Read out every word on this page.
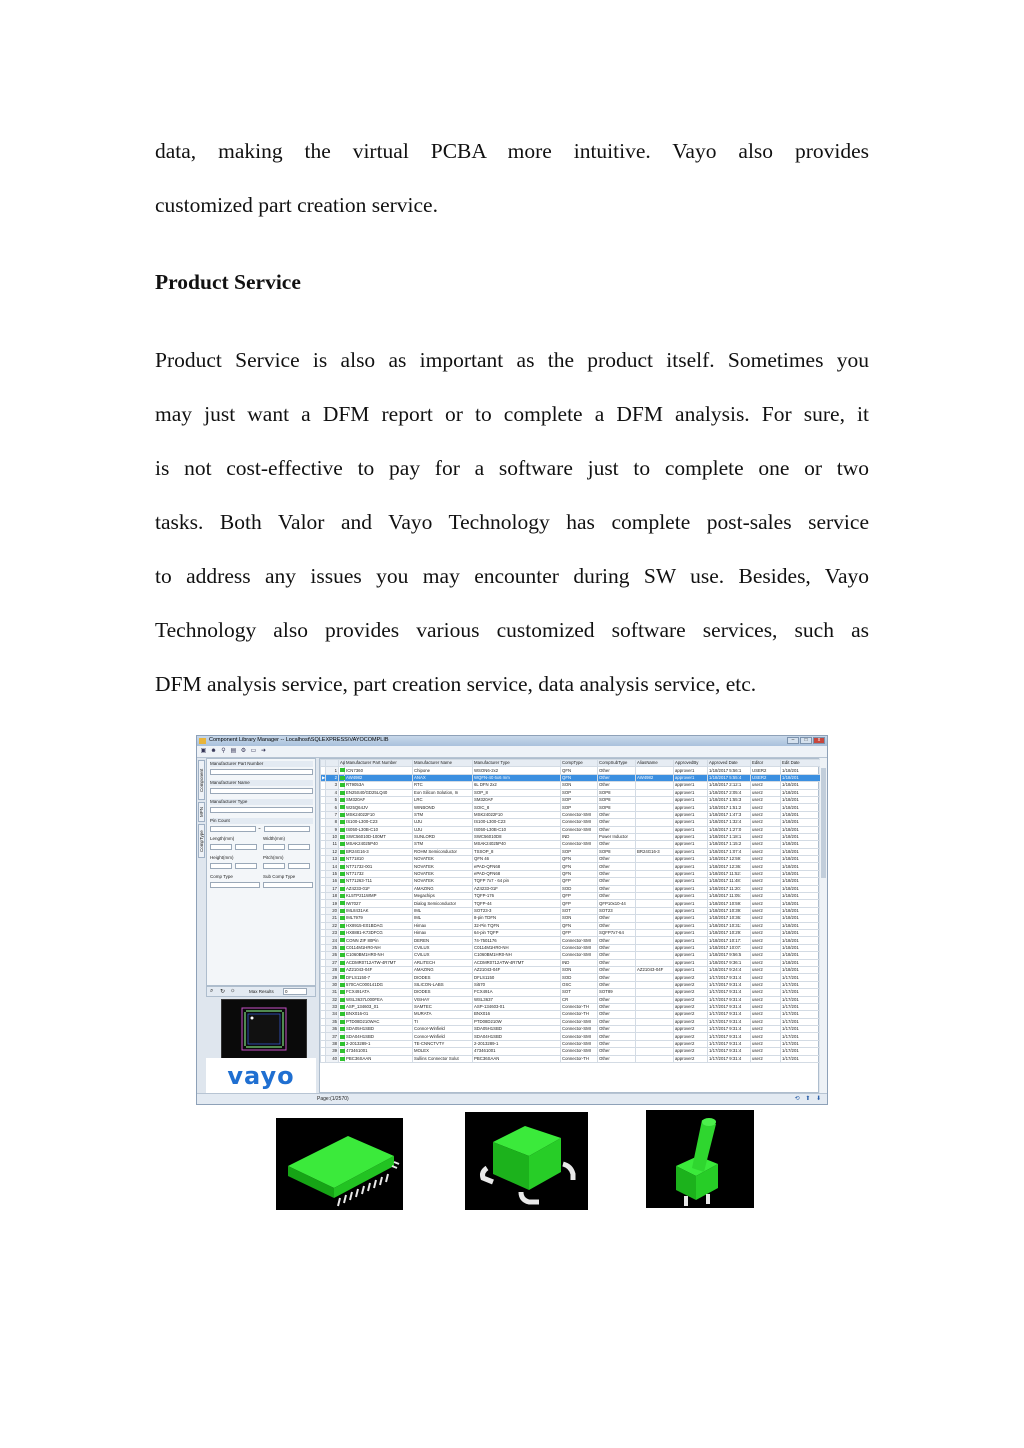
data, making the virtual PCBA more intuitive. Vayo also provides
customized part creation service.
Product Service
Product Service is also as important as the product itself. Sometimes you
may just want a DFM report or to complete a DFM analysis. For sure, it
is not cost-effective to pay for a software just to complete one or two
tasks. Both Valor and Vayo Technology has complete post-sales service
to address any issues you may encounter during SW use. Besides, Vayo
Technology also provides various customized software services, such as
DFM analysis service, part creation service, data analysis service, etc.
Component Library Manager -- Localhost\SQLEXPRESS\VAYOCOMPLIB	–	□	x
▣ ☻ ⚲ ▤ ⚙ ▭ ➜
Component
MPN
CompType
Manufacturer Part Number
Manufacturer Name
Manufacturer Type
Pin Count
~
Length(mm)	Width(mm)
Height(mm)	Pitch(mm)
Comp Type	Sub Comp Type
⌕ ↻ ☼	Max Results	0
vayo
		Ap	Manufacturer Part Number	Manufacturer Name	Manufacturer Type	CompType	CompSubType	AliasName	ApprovedBy	Approved Date	Editor	Edit Date
	1		ICN7360	Chipone	WSON6-2x2	QFN	Other		approver1	1/18/2017 5:56:1	USER2	1/18/201
▶	2		AW4982	ANAX	WQFN-40 6x6 mm	QFN	Other	AW4982	approver1	1/18/2017 5:55:4	USER2	1/18/201
	3		RT9053A	RTC	6L DFN 2x2	SON	Other		approver1	1/18/2017 2:12:1	user2	1/18/201
	4		EN25S40/GD25LQ40	Eon Silicon Solution, In	SOP_8	SOP	SOP8		approver1	1/18/2017 2:05:4	user2	1/18/201
	5		SM320AF	LRC	SM320AF	SOP	SOP8		approver1	1/18/2017 1:55:3	user2	1/18/201
	6		W25Q64JV	WINBOND	SOIC_8	SOP	SOP8		approver1	1/18/2017 1:51:2	user2	1/18/201
	7		MSK24022F10	STM	MSK24022F10	Connector-SMI	Other		approver1	1/18/2017 1:47:3	user2	1/18/201
	8		IS100-L300-C23	UJU	IS100-L300-C23	Connector-SMI	Other		approver1	1/18/2017 1:32:4	user2	1/18/201
	9		IS050-L30B-C10	UJU	IS050-L30B-C10	Connector-SMI	Other		approver1	1/18/2017 1:27:0	user2	1/18/201
	10		SWC56010D-100MT	SUNLORD	SWC56010D8	IND	Power Inductor		approver1	1/18/2017 1:18:1	user2	1/18/201
	11		MSAK24025P40	STM	MSAK24025P40	Connector-SMI	Other		approver1	1/18/2017 1:15:2	user2	1/18/201
	12		BR24G16-3	ROHM Semiconductor	TSSOP_8	SOP	SOP8	BR24G16-3	approver1	1/18/2017 1:07:4	user2	1/18/201
	13		NT71810	NOVATEK	QFN 46	QFN	Other		approver1	1/18/2017 12:59:	user2	1/18/201
	14		NT71732-001	NOVATEK	ePAD-QFN68	QFN	Other		approver1	1/18/2017 12:36:	user2	1/18/201
	15		NT71732	NOVATEK	ePAD-QFN68	QFN	Other		approver1	1/18/2017 11:52:	user2	1/18/201
	16		NT71263-711	NOVATEK	TQFP 7x7 - 64 pin	QFP	Other		approver1	1/18/2017 11:48:	user2	1/18/201
	17		AZ4233-01F	AMAZING	AZ4233-01F	SOD	Other		approver1	1/18/2017 11:20:	user2	1/18/201
	18		KL5TP211WMP	Megachips	TQFP-176	QFP	Other		approver1	1/18/2017 11:05:	user2	1/18/201
	19		IW7027	Dialog Semiconductor	TQFP-44	QFP	QFP10x10-44		approver1	1/18/2017 10:59:	user2	1/18/201
	20		IML8431AK	IML	SOT23-3	SOT	SOT23		approver1	1/18/2017 10:39:	user2	1/18/201
	21		IML7979	IML	8-pin TDFN	SON	Other		approver1	1/18/2017 10:36:	user2	1/18/201
	22		HX8915-E01BDAG	Himax	32-Pin TQFN	QFN	Other		approver1	1/18/2017 10:31:	user2	1/18/201
	23		HX8881-K73DFCG	Himax	64-pin TQFP	QFP	SQFP7x7-64		approver1	1/18/2017 10:29:	user2	1/18/201
	24		CONN ZIF 80Pin	DEREN	74-7501176	Connector-SMI	Other		approver1	1/18/2017 10:17:	user2	1/18/201
	25		C0114M1HR0-NH	CVILUX	C0114M1HR0-NH	Connector-SMI	Other		approver1	1/18/2017 10:07:	user2	1/18/201
	26		C1060BM1HR0-NH	CVILUX	C1060BM1HR0-NH	Connector-SMI	Other		approver1	1/18/2017 9:56:5	user2	1/18/201
	27		ACDMR0712ATW-4R7MT	ARLITECH	ACDMR0712ATW-4R7MT	IND	Other		approver1	1/18/2017 9:36:1	user2	1/18/201
	28		AZ21043-04F	AMAZING	AZ21043-04F	SON	Other	AZ21043-04F	approver1	1/18/2017 9:24:4	user2	1/18/201
	29		DFLS1150-7	DIODES	DFLS1150	SOD	Other		approver2	1/17/2017 9:31:4	user2	1/17/201
	30		570CAC000141DG	SILICON-LABS	Si570	OSC	Other		approver2	1/17/2017 9:31:4	user2	1/17/201
	31		FCX491ATA	DIODES	FCX491A	SOT	SOT89		approver2	1/17/2017 9:31:4	user2	1/17/201
	32		WSL3637L000FEA	VISHAY	WSL3637	CR	Other		approver2	1/17/2017 9:31:4	user2	1/17/201
	33		ASP_134603_01	SAMTEC	ASP-134603-01	Connector-TH	Other		approver2	1/17/2017 9:31:4	user2	1/17/201
	34		BNX016-01	MURATA	BNX016	Connector-TH	Other		approver2	1/17/2017 9:31:4	user2	1/17/201
	35		PTD08D210WAC	TI	PTD08D210W	Connector-SMI	Other		approver2	1/17/2017 9:31:4	user2	1/17/201
	36		SDA05H1SBD	Connor-Winfield	SDA05H1SBD	Connector-SMI	Other		approver2	1/17/2017 9:31:4	user2	1/17/201
	37		SDA04H1SBD	Connor-Winfield	SDA04H1SBD	Connector-SMI	Other		approver2	1/17/2017 9:31:4	user2	1/17/201
	38		2-2013289-1	TE-CNNCTVTY	2-2013289-1	Connector-SMI	Other		approver2	1/17/2017 9:31:4	user2	1/17/201
	39		473461001	MOLEX	473461001	Connector-SMI	Other		approver2	1/17/2017 9:31:4	user2	1/17/201
	40		PBC36SAAN	Sullins Connector Solut	PBC36SAAN	Connector-TH	Other		approver2	1/17/2017 9:31:4	user2	1/17/201
Page:(1/2570)	⟲ ⬆ ⬇
